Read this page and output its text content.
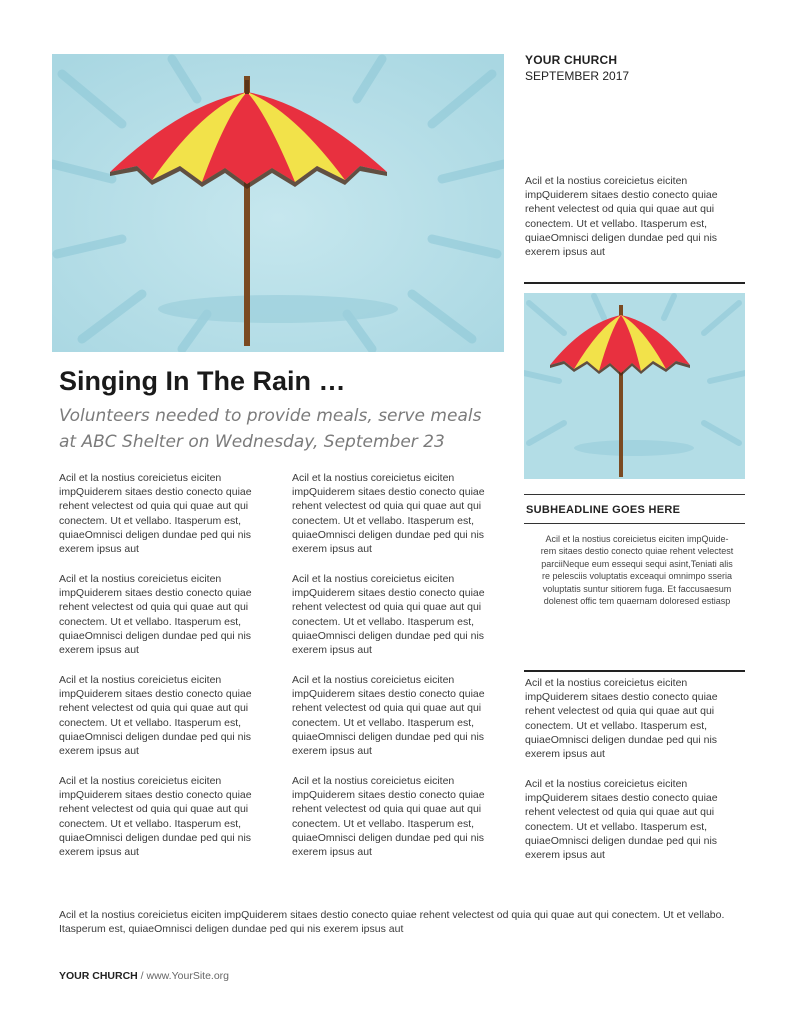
YOUR CHURCH
SEPTEMBER 2017
Acil et la nostius coreicietus eiciten
impQuiderem sitaes destio conecto quiae
rehent velectest od quia qui quae aut qui
conectem. Ut et vellabo. Itasperum est,
quiaeOmnisci deligen dundae ped qui nis
exerem ipsus aut
Singing In The Rain …
Volunteers needed to provide meals, serve meals at ABC Shelter on Wednesday, September 23
Acil et la nostius coreicietus eiciten
impQuiderem sitaes destio conecto quiae
rehent velectest od quia qui quae aut qui
conectem. Ut et vellabo. Itasperum est,
quiaeOmnisci deligen dundae ped qui nis
exerem ipsus aut
Acil et la nostius coreicietus eiciten
impQuiderem sitaes destio conecto quiae
rehent velectest od quia qui quae aut qui
conectem. Ut et vellabo. Itasperum est,
quiaeOmnisci deligen dundae ped qui nis
exerem ipsus aut
Acil et la nostius coreicietus eiciten
impQuiderem sitaes destio conecto quiae
rehent velectest od quia qui quae aut qui
conectem. Ut et vellabo. Itasperum est,
quiaeOmnisci deligen dundae ped qui nis
exerem ipsus aut
Acil et la nostius coreicietus eiciten
impQuiderem sitaes destio conecto quiae
rehent velectest od quia qui quae aut qui
conectem. Ut et vellabo. Itasperum est,
quiaeOmnisci deligen dundae ped qui nis
exerem ipsus aut
Acil et la nostius coreicietus eiciten
impQuiderem sitaes destio conecto quiae
rehent velectest od quia qui quae aut qui
conectem. Ut et vellabo. Itasperum est,
quiaeOmnisci deligen dundae ped qui nis
exerem ipsus aut
Acil et la nostius coreicietus eiciten
impQuiderem sitaes destio conecto quiae
rehent velectest od quia qui quae aut qui
conectem. Ut et vellabo. Itasperum est,
quiaeOmnisci deligen dundae ped qui nis
exerem ipsus aut
Acil et la nostius coreicietus eiciten
impQuiderem sitaes destio conecto quiae
rehent velectest od quia qui quae aut qui
conectem. Ut et vellabo. Itasperum est,
quiaeOmnisci deligen dundae ped qui nis
exerem ipsus aut
Acil et la nostius coreicietus eiciten
impQuiderem sitaes destio conecto quiae
rehent velectest od quia qui quae aut qui
conectem. Ut et vellabo. Itasperum est,
quiaeOmnisci deligen dundae ped qui nis
exerem ipsus aut
SUBHEADLINE GOES HERE
Acil et la nostius coreicietus eiciten impQuide-
rem sitaes destio conecto quiae rehent velectest
parciiNeque eum essequi sequi asint,Teniati alis
re pelesciis voluptatis exceaqui omnimpo sseria
voluptatis suntur sitiorem fuga. Et faccusaesum
dolenest offic tem quaernam doloresed estiasp
Acil et la nostius coreicietus eiciten
impQuiderem sitaes destio conecto quiae
rehent velectest od quia qui quae aut qui
conectem. Ut et vellabo. Itasperum est,
quiaeOmnisci deligen dundae ped qui nis
exerem ipsus aut
Acil et la nostius coreicietus eiciten
impQuiderem sitaes destio conecto quiae
rehent velectest od quia qui quae aut qui
conectem. Ut et vellabo. Itasperum est,
quiaeOmnisci deligen dundae ped qui nis
exerem ipsus aut
Acil et la nostius coreicietus eiciten impQuiderem sitaes destio conecto quiae rehent velectest od quia qui quae aut qui conectem. Ut et vellabo. Itasperum est, quiaeOmnisci deligen dundae ped qui nis exerem ipsus aut
YOUR CHURCH / www.YourSite.org
